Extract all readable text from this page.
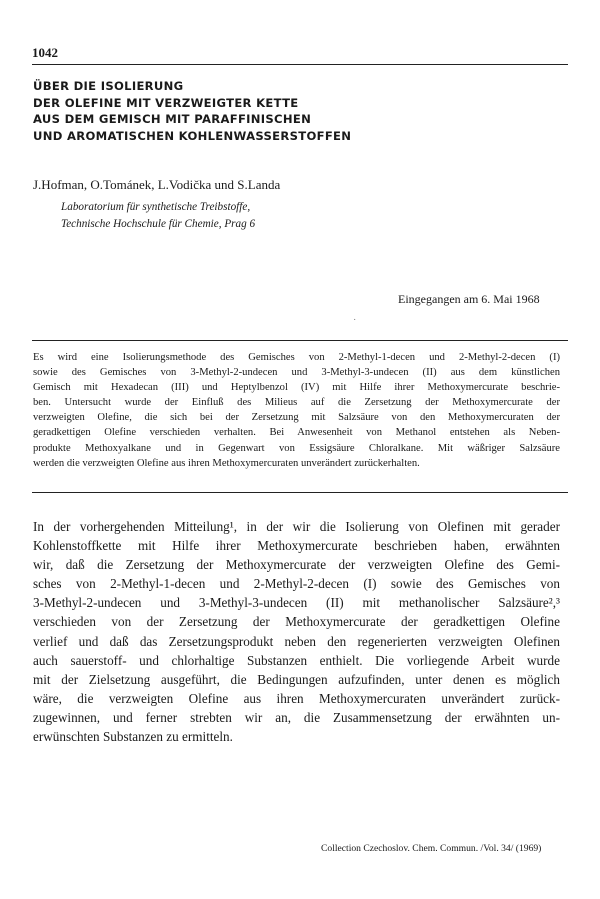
1042
ÜBER DIE ISOLIERUNG
DER OLEFINE MIT VERZWEIGTER KETTE
AUS DEM GEMISCH MIT PARAFFINISCHEN
UND AROMATISCHEN KOHLENWASSERSTOFFEN
J.Hofman, O.Tománek, L.Vodička und S.Landa
Laboratorium für synthetische Treibstoffe,
Technische Hochschule für Chemie, Prag 6
Eingegangen am 6. Mai 1968
˙
Es wird eine Isolierungsmethode des Gemisches von 2-Methyl-1-decen und 2-Methyl-2-decen (I)
sowie des Gemisches von 3-Methyl-2-undecen und 3-Methyl-3-undecen (II) aus dem künstlichen
Gemisch mit Hexadecan (III) und Heptylbenzol (IV) mit Hilfe ihrer Methoxymercurate beschrie-
ben. Untersucht wurde der Einfluß des Milieus auf die Zersetzung der Methoxymercurate der
verzweigten Olefine, die sich bei der Zersetzung mit Salzsäure von den Methoxymercuraten der
geradkettigen Olefine verschieden verhalten. Bei Anwesenheit von Methanol entstehen als Neben-
produkte Methoxyalkane und in Gegenwart von Essigsäure Chloralkane. Mit wäßriger Salzsäure
werden die verzweigten Olefine aus ihren Methoxymercuraten unverändert zurückerhalten.
In der vorhergehenden Mitteilung¹, in der wir die Isolierung von Olefinen mit gerader
Kohlenstoffkette mit Hilfe ihrer Methoxymercurate beschrieben haben, erwähnten
wir, daß die Zersetzung der Methoxymercurate der verzweigten Olefine des Gemi-
sches von 2-Methyl-1-decen und 2-Methyl-2-decen (I) sowie des Gemisches von
3-Methyl-2-undecen und 3-Methyl-3-undecen (II) mit methanolischer Salzsäure²,³
verschieden von der Zersetzung der Methoxymercurate der geradkettigen Olefine
verlief und daß das Zersetzungsprodukt neben den regenerierten verzweigten Olefinen
auch sauerstoff- und chlorhaltige Substanzen enthielt. Die vorliegende Arbeit wurde
mit der Zielsetzung ausgeführt, die Bedingungen aufzufinden, unter denen es möglich
wäre, die verzweigten Olefine aus ihren Methoxymercuraten unverändert zurück-
zugewinnen, und ferner strebten wir an, die Zusammensetzung der erwähnten un-
erwünschten Substanzen zu ermitteln.
Collection Czechoslov. Chem. Commun. /Vol. 34/ (1969)
